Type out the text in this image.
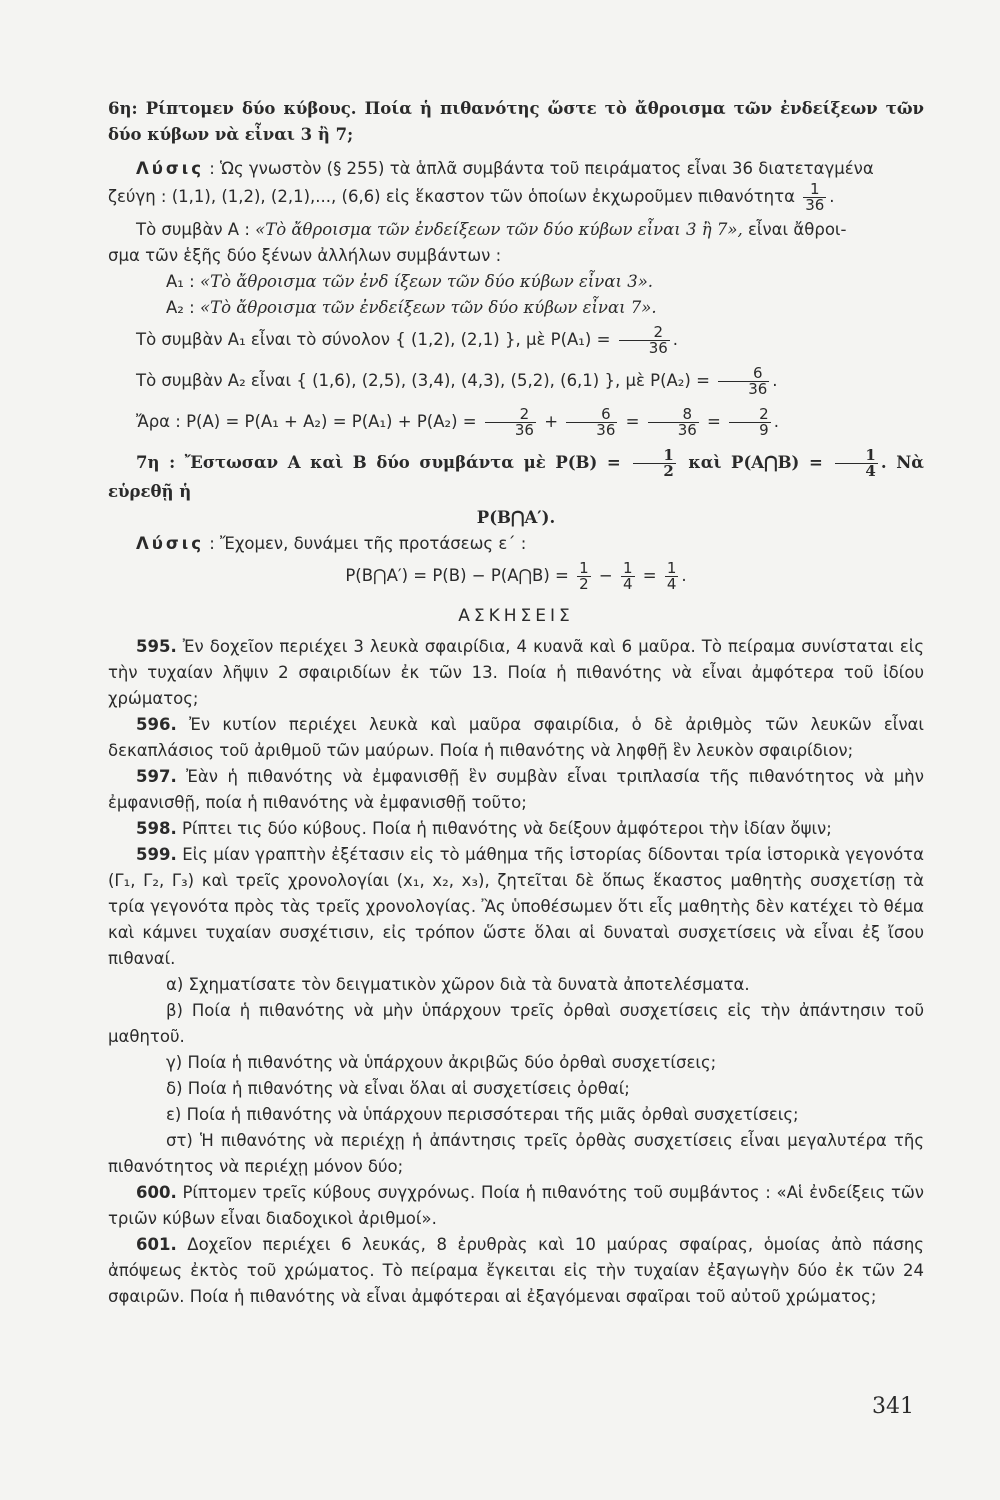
6η: Ρίπτομεν δύο κύβους. Ποία ἡ πιθανότης ὥστε τὸ ἄθροισμα τῶν ἐνδείξεων τῶν δύο κύβων νὰ εἶναι 3 ἢ 7;
Λύσις : Ὡς γνωστὸν (§ 255) τὰ ἁπλᾶ συμβάντα τοῦ πειράματος εἶναι 36 διατεταγμένα
ζεύγη : (1,1), (1,2), (2,1),..., (6,6) εἰς ἕκαστον τῶν ὁποίων ἐκχωροῦμεν πιθανότητα $\frac{1}{36}$ .
Τὸ συμβὰν Α : «Τὸ ἄθροισμα τῶν ἐνδείξεων τῶν δύο κύβων εἶναι 3 ἢ 7», εἶναι ἄθροι-
σμα τῶν ἑξῆς δύο ξένων ἀλλήλων συμβάντων :
Α₁ : «Τὸ ἄθροισμα τῶν ἐνδ ίξεων τῶν δύο κύβων εἶναι 3».
Α₂ : «Τὸ ἄθροισμα τῶν ἐνδείξεων τῶν δύο κύβων εἶναι 7».
Τὸ συμβὰν Α₁ εἶναι τὸ σύνολον { (1,2), (2,1) }, μὲ $P(A_1) = \frac{2}{36}$ .
Τὸ συμβὰν Α₂ εἶναι { (1,6), (2,5), (3,4), (4,3), (5,2), (6,1) }, μὲ $P(A_2) = \frac{6}{36}$ .
Ἄρα : $P(A) = P(A_1 + A_2) = P(A_1) + P(A_2) = \frac{2}{36} + \frac{6}{36} = \frac{8}{36} = \frac{2}{9}$ .
7η : Ἔστωσαν Α καὶ Β δύο συμβάντα μὲ $P(B) = \frac{1}{2}$ καὶ P(A⋂B) = $\frac{1}{4}$ . Νὰ εὑρεθῇ ἡ
P(B⋂A′).
Λύσις : Ἔχομεν, δυνάμει τῆς προτάσεως ε´ :
P(B⋂A′) = P(B) − P(A⋂B) = $\frac{1}{2} - \frac{1}{4} = \frac{1}{4}$ .
ΑΣΚΗΣΕΙΣ
595. Ἐν δοχεῖον περιέχει 3 λευκὰ σφαιρίδια, 4 κυανᾶ καὶ 6 μαῦρα. Τὸ πείραμα συνίσταται εἰς τὴν τυχαίαν λῆψιν 2 σφαιριδίων ἐκ τῶν 13. Ποία ἡ πιθανότης νὰ εἶναι ἀμφότερα τοῦ ἰδίου χρώματος;
596. Ἐν κυτίον περιέχει λευκὰ καὶ μαῦρα σφαιρίδια, ὁ δὲ ἀριθμὸς τῶν λευκῶν εἶναι δεκαπλάσιος τοῦ ἀριθμοῦ τῶν μαύρων. Ποία ἡ πιθανότης νὰ ληφθῇ ἓν λευκὸν σφαιρίδιον;
597. Ἐὰν ἡ πιθανότης νὰ ἐμφανισθῇ ἓν συμβὰν εἶναι τριπλασία τῆς πιθανότητος νὰ μὴν ἐμφανισθῇ, ποία ἡ πιθανότης νὰ ἐμφανισθῇ τοῦτο;
598. Ρίπτει τις δύο κύβους. Ποία ἡ πιθανότης νὰ δείξουν ἀμφότεροι τὴν ἰδίαν ὄψιν;
599. Εἰς μίαν γραπτὴν ἐξέτασιν εἰς τὸ μάθημα τῆς ἱστορίας δίδονται τρία ἱστορικὰ γεγονότα (Γ₁, Γ₂, Γ₃) καὶ τρεῖς χρονολογίαι (x₁, x₂, x₃), ζητεῖται δὲ ὅπως ἕκαστος μαθητὴς συσχετίσῃ τὰ τρία γεγονότα πρὸς τὰς τρεῖς χρονολογίας. Ἂς ὑποθέσωμεν ὅτι εἷς μαθητὴς δὲν κατέχει τὸ θέμα καὶ κάμνει τυχαίαν συσχέτισιν, εἰς τρόπον ὥστε ὅλαι αἱ δυναταὶ συσχετίσεις νὰ εἶναι ἐξ ἴσου πιθαναί.
α) Σχηματίσατε τὸν δειγματικὸν χῶρον διὰ τὰ δυνατὰ ἀποτελέσματα.
β) Ποία ἡ πιθανότης νὰ μὴν ὑπάρχουν τρεῖς ὀρθαὶ συσχετίσεις εἰς τὴν ἀπάντησιν τοῦ μαθητοῦ.
γ) Ποία ἡ πιθανότης νὰ ὑπάρχουν ἀκριβῶς δύο ὀρθαὶ συσχετίσεις;
δ) Ποία ἡ πιθανότης νὰ εἶναι ὅλαι αἱ συσχετίσεις ὀρθαί;
ε) Ποία ἡ πιθανότης νὰ ὑπάρχουν περισσότεραι τῆς μιᾶς ὀρθαὶ συσχετίσεις;
στ) Ἡ πιθανότης νὰ περιέχῃ ἡ ἀπάντησις τρεῖς ὀρθὰς συσχετίσεις εἶναι μεγαλυτέρα τῆς πιθανότητος νὰ περιέχῃ μόνον δύο;
600. Ρίπτομεν τρεῖς κύβους συγχρόνως. Ποία ἡ πιθανότης τοῦ συμβάντος : «Αἱ ἐνδείξεις τῶν τριῶν κύβων εἶναι διαδοχικοὶ ἀριθμοί».
601. Δοχεῖον περιέχει 6 λευκάς, 8 ἐρυθρὰς καὶ 10 μαύρας σφαίρας, ὁμοίας ἀπὸ πάσης ἀπόψεως ἐκτὸς τοῦ χρώματος. Τὸ πείραμα ἔγκειται εἰς τὴν τυχαίαν ἐξαγωγὴν δύο ἐκ τῶν 24 σφαιρῶν. Ποία ἡ πιθανότης νὰ εἶναι ἀμφότεραι αἱ ἐξαγόμεναι σφαῖραι τοῦ αὐτοῦ χρώματος;
341
